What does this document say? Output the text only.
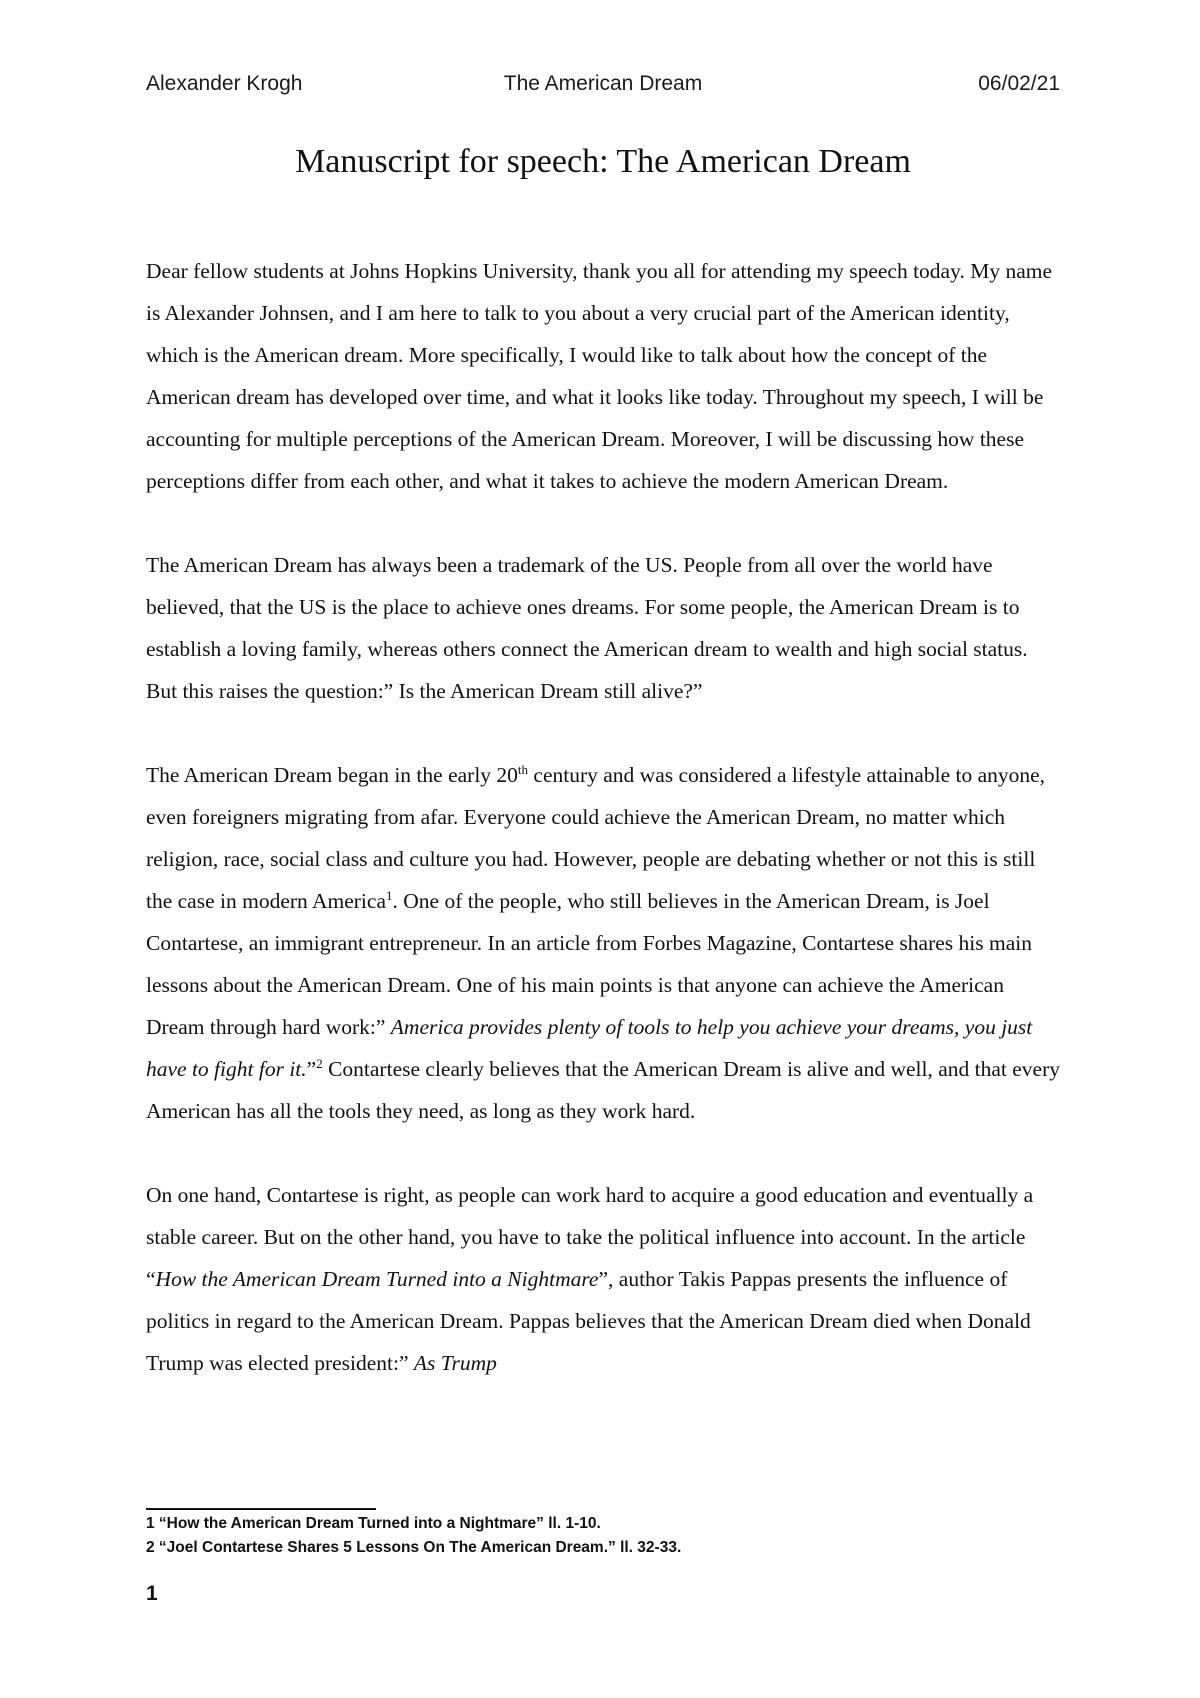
Alexander Krogh	The American Dream	06/02/21
Manuscript for speech: The American Dream

Dear fellow students at Johns Hopkins University, thank you all for attending my speech today. My name is Alexander Johnsen, and I am here to talk to you about a very crucial part of the American identity, which is the American dream. More specifically, I would like to talk about how the concept of the American dream has developed over time, and what it looks like today. Throughout my speech, I will be accounting for multiple perceptions of the American Dream. Moreover, I will be discussing how these perceptions differ from each other, and what it takes to achieve the modern American Dream.

The American Dream has always been a trademark of the US. People from all over the world have believed, that the US is the place to achieve ones dreams. For some people, the American Dream is to establish a loving family, whereas others connect the American dream to wealth and high social status. But this raises the question:” Is the American Dream still alive?”

The American Dream began in the early 20th century and was considered a lifestyle attainable to anyone, even foreigners migrating from afar. Everyone could achieve the American Dream, no matter which religion, race, social class and culture you had. However, people are debating whether or not this is still the case in modern America$^1$. One of the people, who still believes in the American Dream, is Joel Contartese, an immigrant entrepreneur. In an article from Forbes Magazine, Contartese shares his main lessons about the American Dream. One of his main points is that anyone can achieve the American Dream through hard work:” America provides plenty of tools to help you achieve your dreams, you just have to fight for it.”$^2$ Contartese clearly believes that the American Dream is alive and well, and that every American has all the tools they need, as long as they work hard.

On one hand, Contartese is right, as people can work hard to acquire a good education and eventually a stable career. But on the other hand, you have to take the political influence into account. In the article “How the American Dream Turned into a Nightmare”, author Takis Pappas presents the influence of politics in regard to the American Dream. Pappas believes that the American Dream died when Donald Trump was elected president:” As Trump

1 “How the American Dream Turned into a Nightmare” ll. 1-10.
2 “Joel Contartese Shares 5 Lessons On The American Dream.” ll. 32-33.
1
